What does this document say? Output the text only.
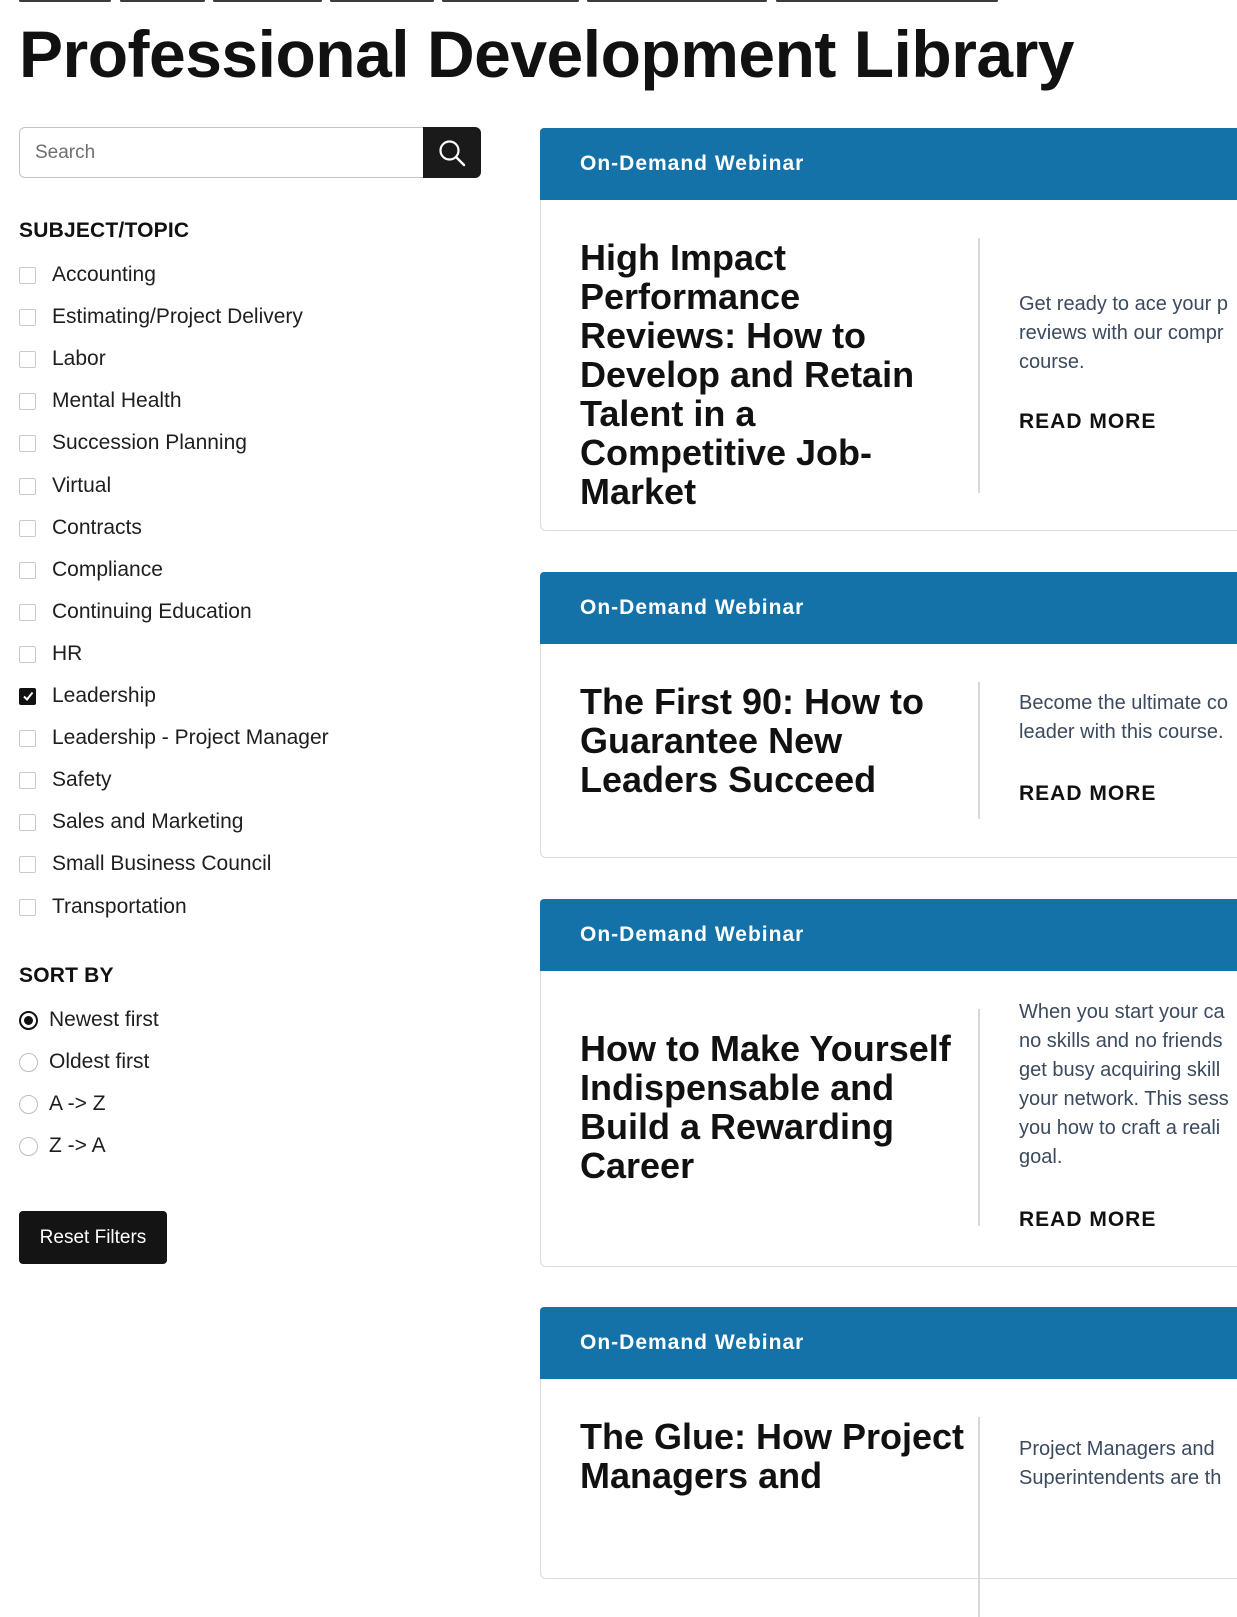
Professional Development Library
Search
SUBJECT/TOPIC
Accounting
Estimating/Project Delivery
Labor
Mental Health
Succession Planning
Virtual
Contracts
Compliance
Continuing Education
HR
Leadership
Leadership - Project Manager
Safety
Sales and Marketing
Small Business Council
Transportation
SORT BY
Newest first
Oldest first
A -> Z
Z -> A
Reset Filters
On-Demand Webinar
High Impact Performance Reviews: How to Develop and Retain Talent in a Competitive Job-Market
Get ready to ace your p
reviews with our compr
course.
READ MORE
On-Demand Webinar
The First 90: How to Guarantee New Leaders Succeed
Become the ultimate co
leader with this course.
READ MORE
On-Demand Webinar
How to Make Yourself Indispensable and Build a Rewarding Career
When you start your ca
no skills and no friends
get busy acquiring skill
your network. This sess
you how to craft a reali
goal.
READ MORE
On-Demand Webinar
The Glue: How Project Managers and
Project Managers and
Superintendents are th
